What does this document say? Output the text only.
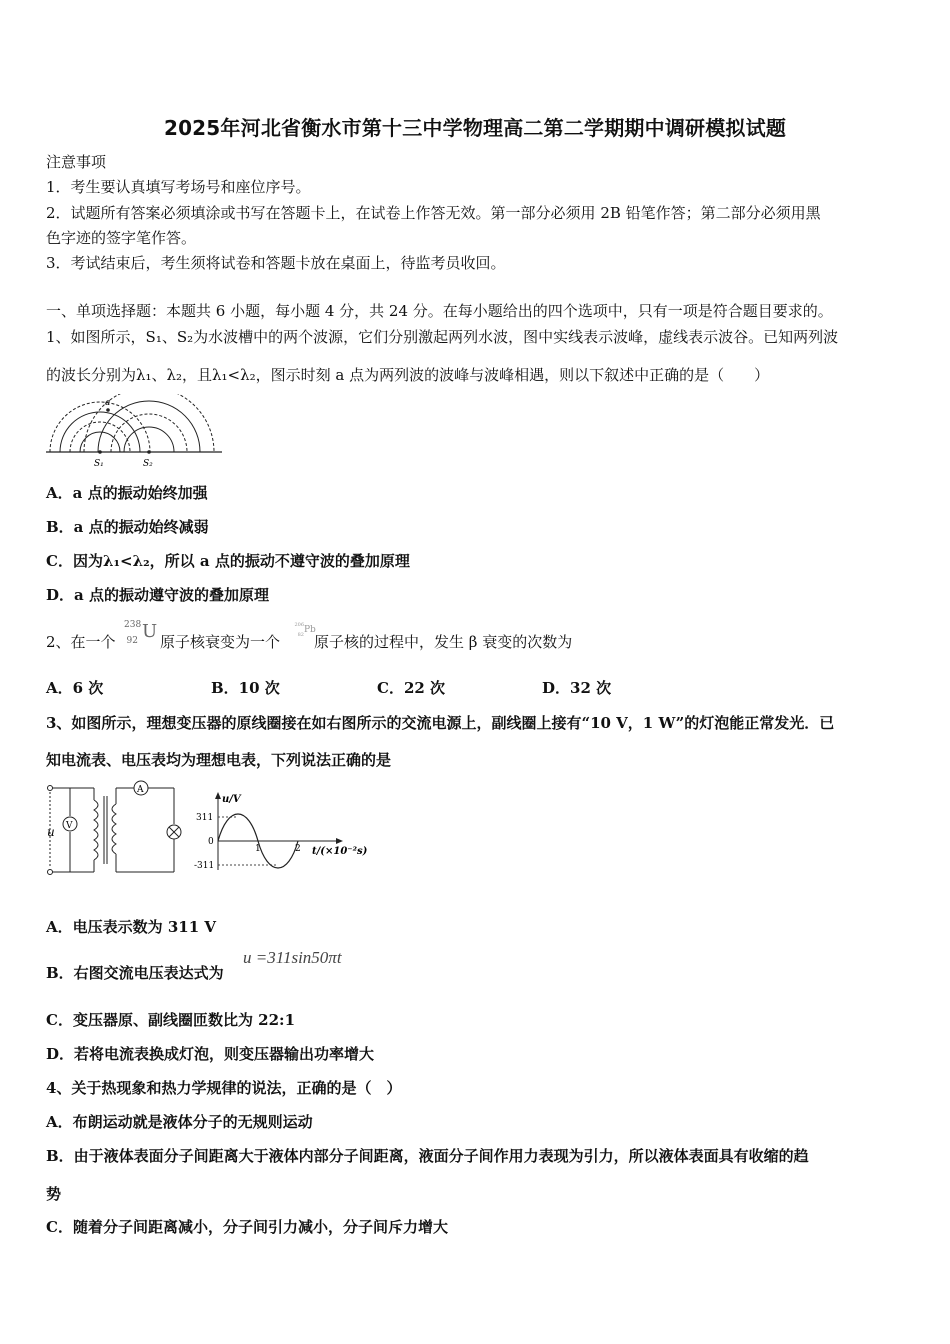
2025年河北省衡水市第十三中学物理高二第二学期期中调研模拟试题
注意事项
1．考生要认真填写考场号和座位序号。
2．试题所有答案必须填涂或书写在答题卡上，在试卷上作答无效。第一部分必须用 2B 铅笔作答；第二部分必须用黑
色字迹的签字笔作答。
3．考试结束后，考生须将试卷和答题卡放在桌面上，待监考员收回。
一、单项选择题：本题共 6 小题，每小题 4 分，共 24 分。在每小题给出的四个选项中，只有一项是符合题目要求的。
1、如图所示，S₁、S₂为水波槽中的两个波源，它们分别激起两列水波，图中实线表示波峰，虚线表示波谷。已知两列波
的波长分别为λ₁、λ₂，且λ₁<λ₂，图示时刻 a 点为两列波的波峰与波峰相遇，则以下叙述中正确的是（　　）
a
S₁	S₂
A．a 点的振动始终加强
B．a 点的振动始终减弱
C．因为λ₁<λ₂，所以 a 点的振动不遵守波的叠加原理
D．a 点的振动遵守波的叠加原理
2、在一个
238
92 U 原子核衰变为一个
206
82 Pb
原子核的过程中，发生 β 衰变的次数为
A．6 次	B．10 次	C．22 次	D．32 次
3、如图所示，理想变压器的原线圈接在如右图所示的交流电源上，副线圈上接有“10 V，1 W”的灯泡能正常发光．已
知电流表、电压表均为理想电表，下列说法正确的是
V
u
A
u/V
311
0
-311
1	2 t/(×10⁻²s)
A．电压表示数为 311 V
B．右图交流电压表达式为
u =311sin50πt
C．变压器原、副线圈匝数比为 22:1
D．若将电流表换成灯泡，则变压器输出功率增大
4、关于热现象和热力学规律的说法，正确的是（　）
A．布朗运动就是液体分子的无规则运动
B．由于液体表面分子间距离大于液体内部分子间距离，液面分子间作用力表现为引力，所以液体表面具有收缩的趋
势
C．随着分子间距离减小，分子间引力减小，分子间斥力增大
